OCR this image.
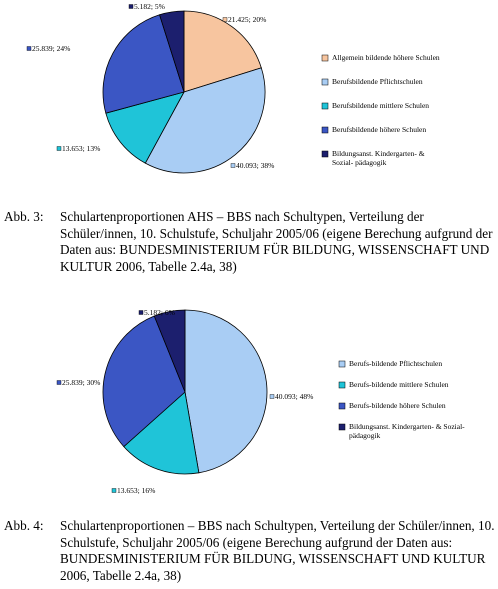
21.425; 20%
Allgemein bildende höhere Schulen
40.093; 38%
Berufsbildende Pflichtschulen
13.653; 13%
Berufsbildende mittlere Schulen
25.839; 24%
Berufsbildende höhere Schulen
5.182; 5%
Bildungsanst. Kindergarten- &
Sozial- pädagogik
Abb. 3:	Schulartenproportionen AHS – BBS nach Schultypen, Verteilung der Schüler/innen, 10. Schulstufe, Schuljahr 2005/06 (eigene Berechung aufgrund der Daten aus: BUNDESMINISTERIUM FÜR BILDUNG, WISSENSCHAFT UND KULTUR 2006, Tabelle 2.4a, 38)
40.093; 48%
Berufs-bildende Pflichtschulen
13.653; 16%
Berufs-bildende mittlere Schulen
25.839; 30%
Berufs-bildende höhere Schulen
5.182; 6%
Bildungsanst. Kindergarten- & Sozial-
pädagogik
Abb. 4:	Schulartenproportionen – BBS nach Schultypen, Verteilung der Schüler/innen, 10. Schulstufe, Schuljahr 2005/06 (eigene Berechung aufgrund der Daten aus: BUNDESMINISTERIUM FÜR BILDUNG, WISSENSCHAFT UND KULTUR 2006, Tabelle 2.4a, 38)
